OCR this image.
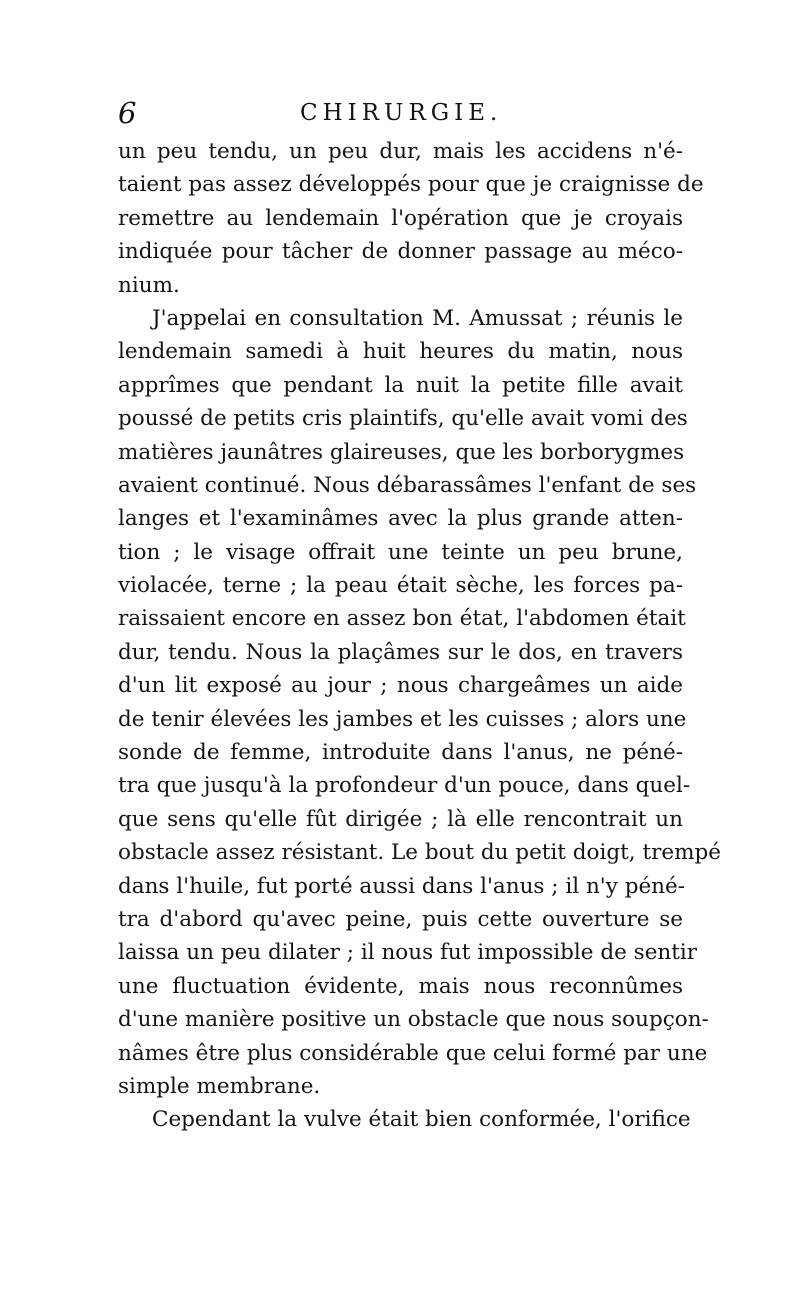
6	CHIRURGIE.
un peu tendu, un peu dur, mais les accidens n'é-
taient pas assez développés pour que je craignisse de
remettre au lendemain l'opération que je croyais
indiquée pour tâcher de donner passage au méco-
nium.
J'appelai en consultation M. Amussat ; réunis le
lendemain samedi à huit heures du matin, nous
apprîmes que pendant la nuit la petite fille avait
poussé de petits cris plaintifs, qu'elle avait vomi des
matières jaunâtres glaireuses, que les borborygmes
avaient continué. Nous débarassâmes l'enfant de ses
langes et l'examinâmes avec la plus grande atten-
tion ; le visage offrait une teinte un peu brune,
violacée, terne ; la peau était sèche, les forces pa-
raissaient encore en assez bon état, l'abdomen était
dur, tendu. Nous la plaçâmes sur le dos, en travers
d'un lit exposé au jour ; nous chargeâmes un aide
de tenir élevées les jambes et les cuisses ; alors une
sonde de femme, introduite dans l'anus, ne péné-
tra que jusqu'à la profondeur d'un pouce, dans quel-
que sens qu'elle fût dirigée ; là elle rencontrait un
obstacle assez résistant. Le bout du petit doigt, trempé
dans l'huile, fut porté aussi dans l'anus ; il n'y péné-
tra d'abord qu'avec peine, puis cette ouverture se
laissa un peu dilater ; il nous fut impossible de sentir
une fluctuation évidente, mais nous reconnûmes
d'une manière positive un obstacle que nous soupçon-
nâmes être plus considérable que celui formé par une
simple membrane.
Cependant la vulve était bien conformée, l'orifice
